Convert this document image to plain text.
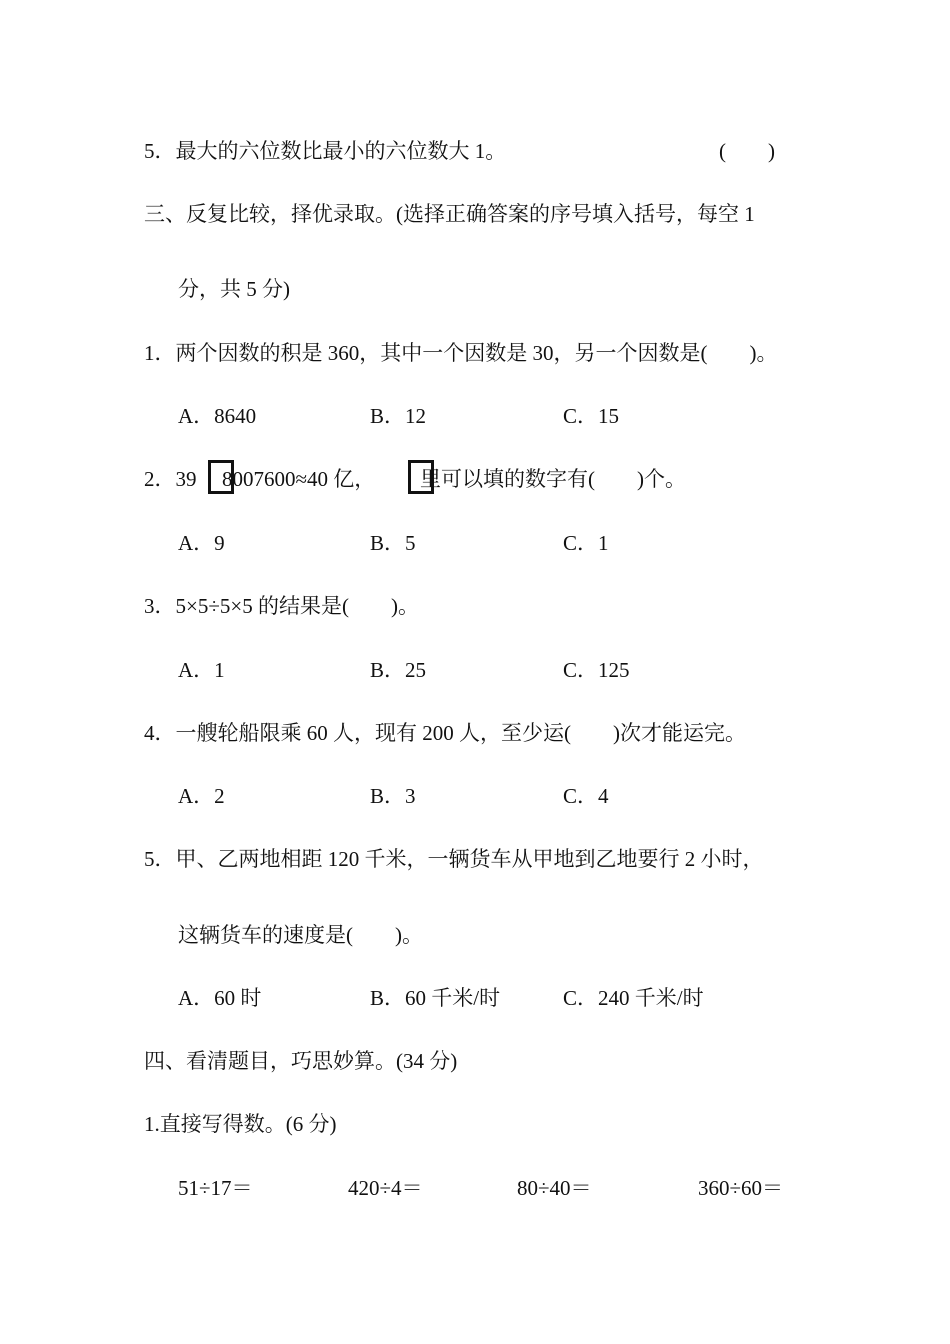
5．最大的六位数比最小的六位数大 1。	(　　)
三、反复比较，择优录取。(选择正确答案的序号填入括号，每空 1
分，共 5 分)
1．两个因数的积是 360，其中一个因数是 30，另一个因数是(　　)。
A．8640	B．12	C．15
2．39 8007600≈40 亿， 里可以填的数字有(　　)个。
A．9	B．5	C．1
3．5×5÷5×5 的结果是(　　)。
A．1	B．25	C．125
4．一艘轮船限乘 60 人，现有 200 人，至少运(　　)次才能运完。
A．2	B．3	C．4
5．甲、乙两地相距 120 千米，一辆货车从甲地到乙地要行 2 小时，
这辆货车的速度是(　　)。
A．60 时	B．60 千米/时	C．240 千米/时
四、看清题目，巧思妙算。(34 分)
1.直接写得数。(6 分)
51÷17＝	420÷4＝	80÷40＝	360÷60＝
